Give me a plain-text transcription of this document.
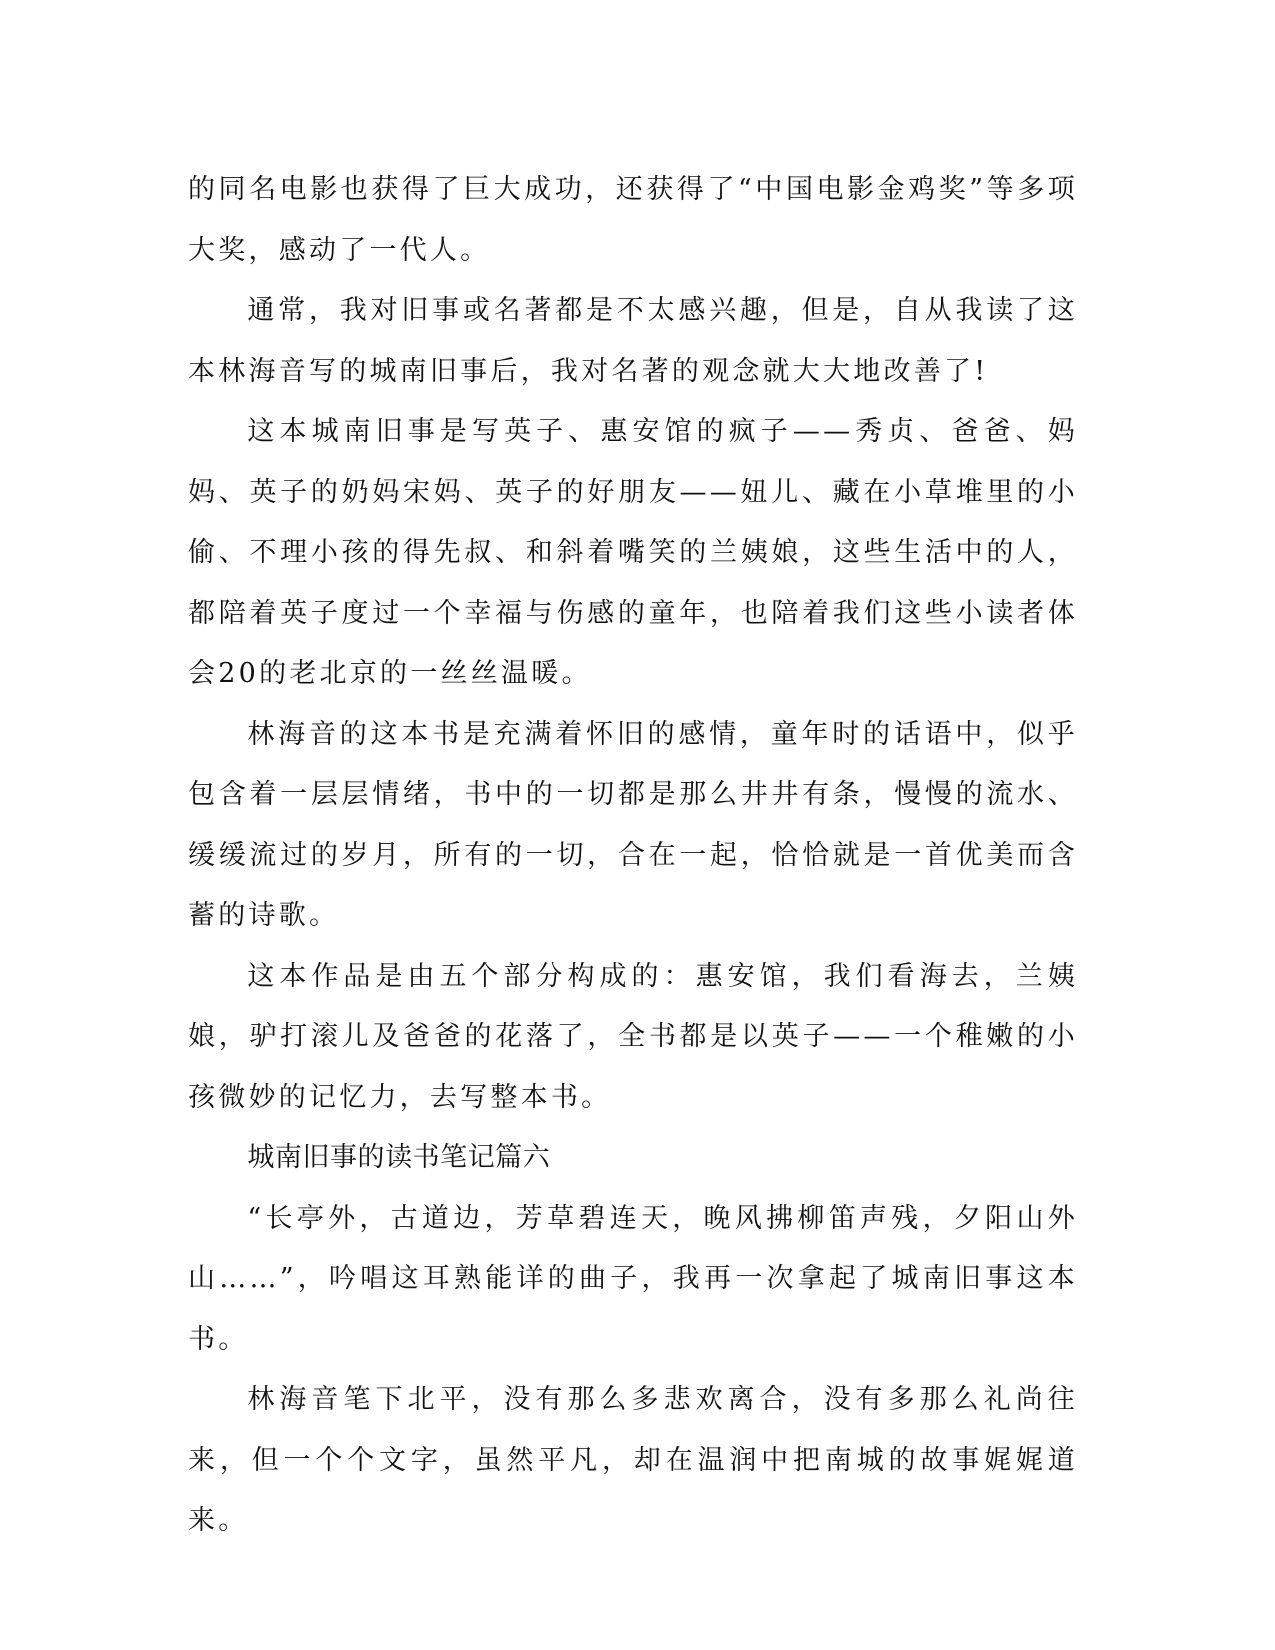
的同名电影也获得了巨大成功，还获得了“中国电影金鸡奖”等多项大奖，感动了一代人。

通常，我对旧事或名著都是不太感兴趣，但是，自从我读了这本林海音写的城南旧事后，我对名著的观念就大大地改善了!

这本城南旧事是写英子、惠安馆的疯子——秀贞、爸爸、妈妈、英子的奶妈宋妈、英子的好朋友——妞儿、藏在小草堆里的小偷、不理小孩的得先叔、和斜着嘴笑的兰姨娘，这些生活中的人，都陪着英子度过一个幸福与伤感的童年，也陪着我们这些小读者体会20的老北京的一丝丝温暖。

林海音的这本书是充满着怀旧的感情，童年时的话语中，似乎包含着一层层情绪，书中的一切都是那么井井有条，慢慢的流水、缓缓流过的岁月，所有的一切，合在一起，恰恰就是一首优美而含蓄的诗歌。

这本作品是由五个部分构成的：惠安馆，我们看海去，兰姨娘，驴打滚儿及爸爸的花落了，全书都是以英子——一个稚嫩的小孩微妙的记忆力，去写整本书。

城南旧事的读书笔记篇六

“长亭外，古道边，芳草碧连天，晚风拂柳笛声残，夕阳山外山……”，吟唱这耳熟能详的曲子，我再一次拿起了城南旧事这本书。

林海音笔下北平，没有那么多悲欢离合，没有多那么礼尚往来，但一个个文字，虽然平凡，却在温润中把南城的故事娓娓道来。
